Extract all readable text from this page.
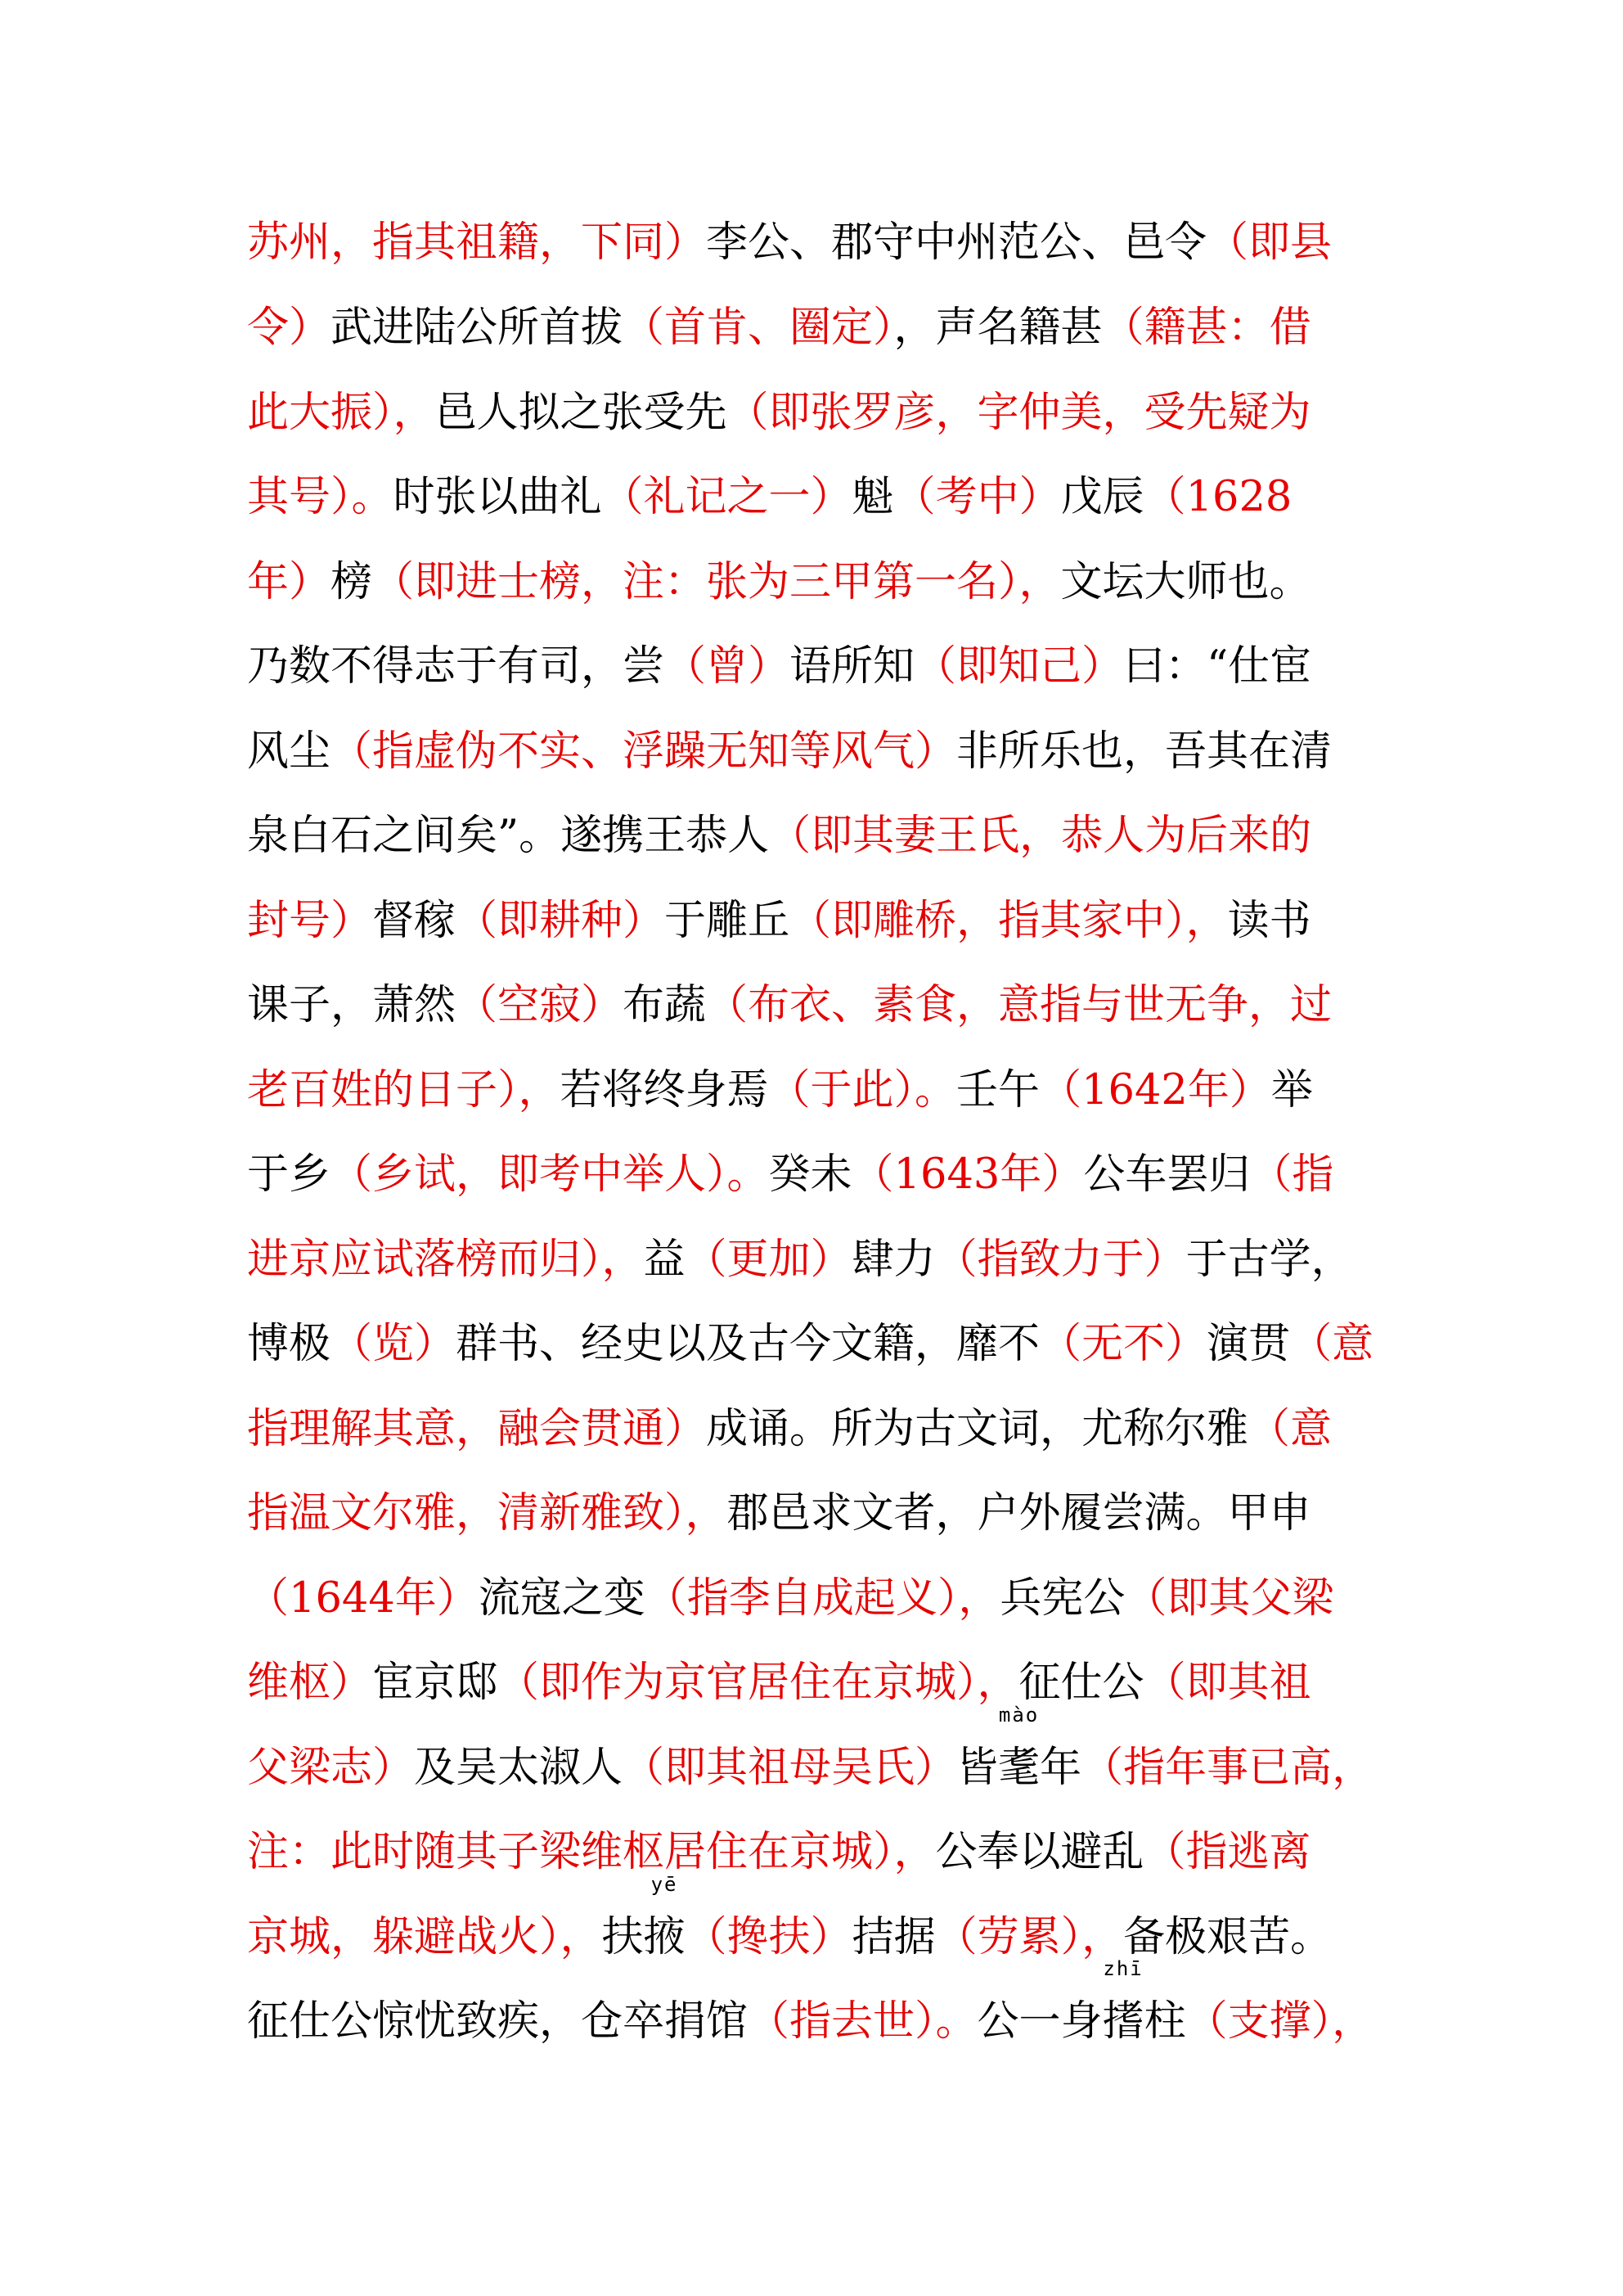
苏州，指其祖籍，下同）李公、郡守中州范公、邑令（即县
令）武进陆公所首拔（首肯、圈定），声名籍甚（籍甚：借
此大振），邑人拟之张受先（即张罗彦，字仲美，受先疑为
其号）。时张以曲礼（礼记之一）魁（考中）戊辰（1628
年）榜（即进士榜，注：张为三甲第一名），文坛大师也。
乃数不得志于有司，尝（曾）语所知（即知己）曰：“仕宦
风尘（指虚伪不实、浮躁无知等风气）非所乐也，吾其在清
泉白石之间矣”。遂携王恭人（即其妻王氏，恭人为后来的
封号）督稼（即耕种）于雕丘（即雕桥，指其家中），读书
课子，萧然（空寂）布蔬（布衣、素食，意指与世无争，过
老百姓的日子），若将终身焉（于此）。壬午（1642年）举
于乡（乡试，即考中举人）。癸未（1643年）公车罢归（指
进京应试落榜而归），益（更加）肆力（指致力于）于古学，
博极（览）群书、经史以及古今文籍，靡不（无不）演贯（意
指理解其意，融会贯通）成诵。所为古文词，尤称尔雅（意
指温文尔雅，清新雅致），郡邑求文者，户外履尝满。甲申
（1644年）流寇之变（指李自成起义），兵宪公（即其父梁
维枢）宦京邸（即作为京官居住在京城），征仕公（即其祖
父梁志）及吴太淑人（即其祖母吴氏）皆
mào
耄年（指年事已高，
注：此时随其子梁维枢居住在京城），公奉以避乱（指逃离
京城，躲避战火），扶
yē
掖（搀扶）拮据（劳累），备极艰苦。
征仕公惊忧致疾，仓卒捐馆（指去世）。公一身
zhī
搘柱（支撑），
